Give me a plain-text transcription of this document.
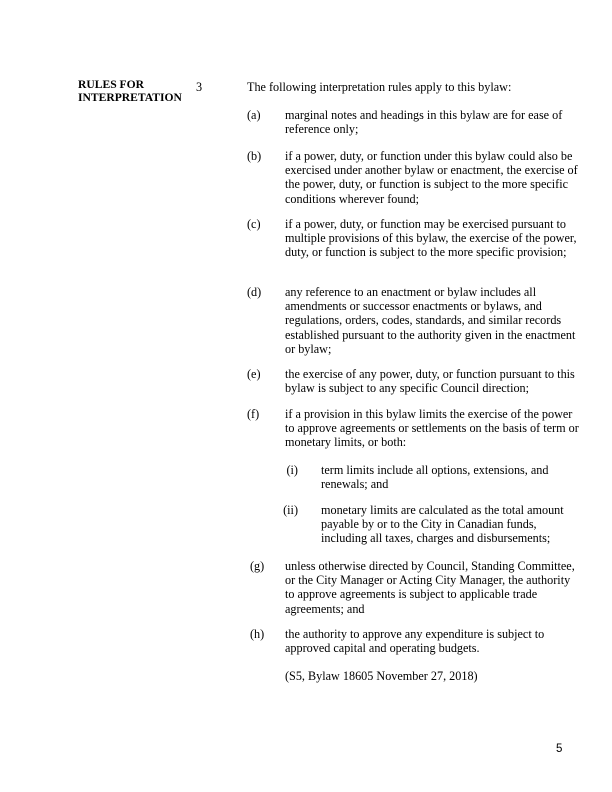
RULES FOR INTERPRETATION
3	The following interpretation rules apply to this bylaw:
(a)	marginal notes and headings in this bylaw are for ease of reference only;
(b)	if a power, duty, or function under this bylaw could also be exercised under another bylaw or enactment, the exercise of the power, duty, or function is subject to the more specific conditions wherever found;
(c)	if a power, duty, or function may be exercised pursuant to multiple provisions of this bylaw, the exercise of the power, duty, or function is subject to the more specific provision;
(d)	any reference to an enactment or bylaw includes all amendments or successor enactments or bylaws, and regulations, orders, codes, standards, and similar records established pursuant to the authority given in the enactment or bylaw;
(e)	the exercise of any power, duty, or function pursuant to this bylaw is subject to any specific Council direction;
(f)	if a provision in this bylaw limits the exercise of the power to approve agreements or settlements on the basis of term or monetary limits, or both:
(i) term limits include all options, extensions, and renewals; and
(ii) monetary limits are calculated as the total amount payable by or to the City in Canadian funds, including all taxes, charges and disbursements;
(g)	unless otherwise directed by Council, Standing Committee, or the City Manager or Acting City Manager, the authority to approve agreements is subject to applicable trade agreements; and
(h)	the authority to approve any expenditure is subject to approved capital and operating budgets.
(S5, Bylaw 18605 November 27, 2018)
5
